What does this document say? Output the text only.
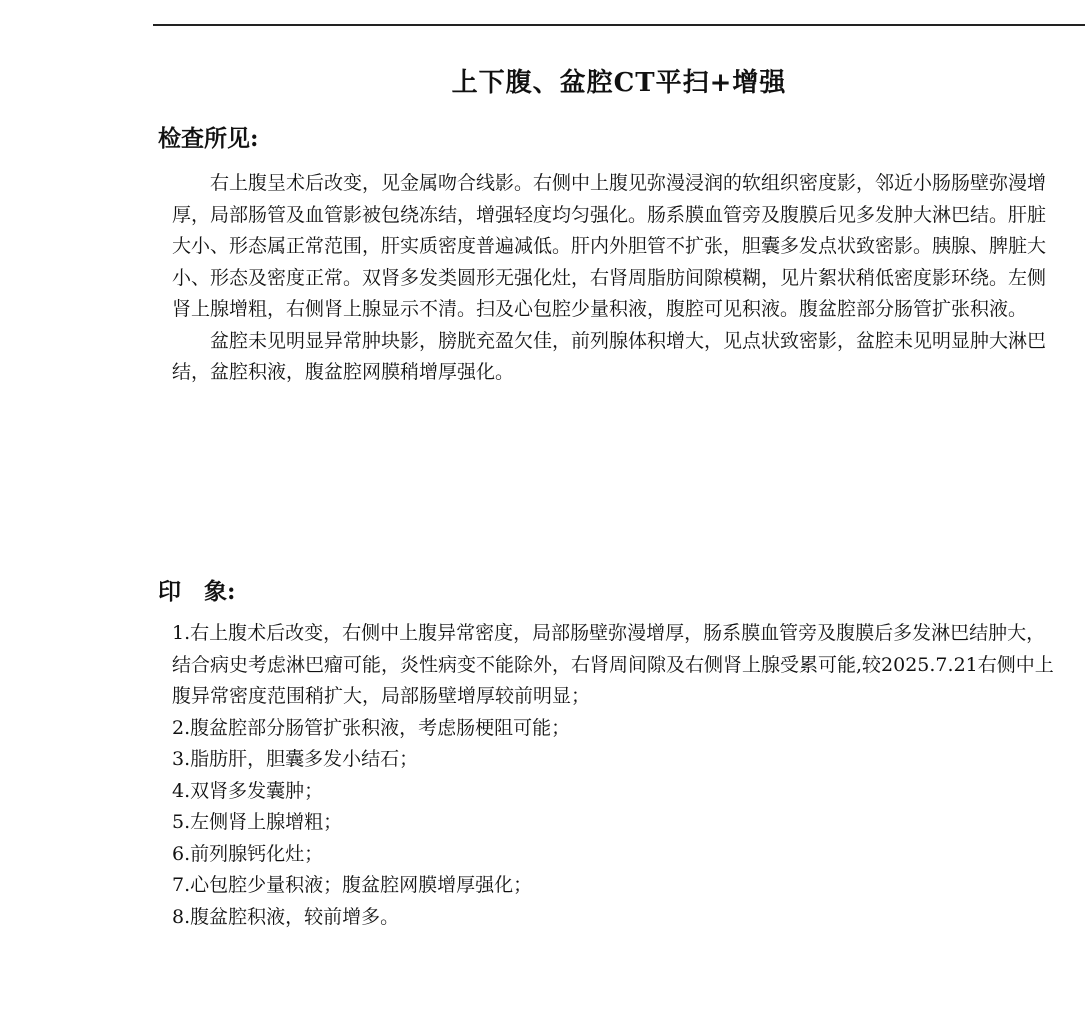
上下腹、盆腔CT平扫+增强
检查所见:

右上腹呈术后改变，见金属吻合线影。右侧中上腹见弥漫浸润的软组织密度影，邻近小肠肠壁弥漫增厚，局部肠管及血管影被包绕冻结，增强轻度均匀强化。肠系膜血管旁及腹膜后见多发肿大淋巴结。肝脏大小、形态属正常范围，肝实质密度普遍减低。肝内外胆管不扩张，胆囊多发点状致密影。胰腺、脾脏大小、形态及密度正常。双肾多发类圆形无强化灶，右肾周脂肪间隙模糊，见片絮状稍低密度影环绕。左侧肾上腺增粗，右侧肾上腺显示不清。扫及心包腔少量积液，腹腔可见积液。腹盆腔部分肠管扩张积液。

盆腔未见明显异常肿块影，膀胱充盈欠佳，前列腺体积增大，见点状致密影，盆腔未见明显肿大淋巴结，盆腔积液，腹盆腔网膜稍增厚强化。

印　象:
1.右上腹术后改变，右侧中上腹异常密度，局部肠壁弥漫增厚，肠系膜血管旁及腹膜后多发淋巴结肿大，结合病史考虑淋巴瘤可能，炎性病变不能除外，右肾周间隙及右侧肾上腺受累可能,较2025.7.21右侧中上腹异常密度范围稍扩大，局部肠壁增厚较前明显；
2.腹盆腔部分肠管扩张积液，考虑肠梗阻可能；
3.脂肪肝，胆囊多发小结石；
4.双肾多发囊肿；
5.左侧肾上腺增粗；
6.前列腺钙化灶；
7.心包腔少量积液；腹盆腔网膜增厚强化；
8.腹盆腔积液，较前增多。
